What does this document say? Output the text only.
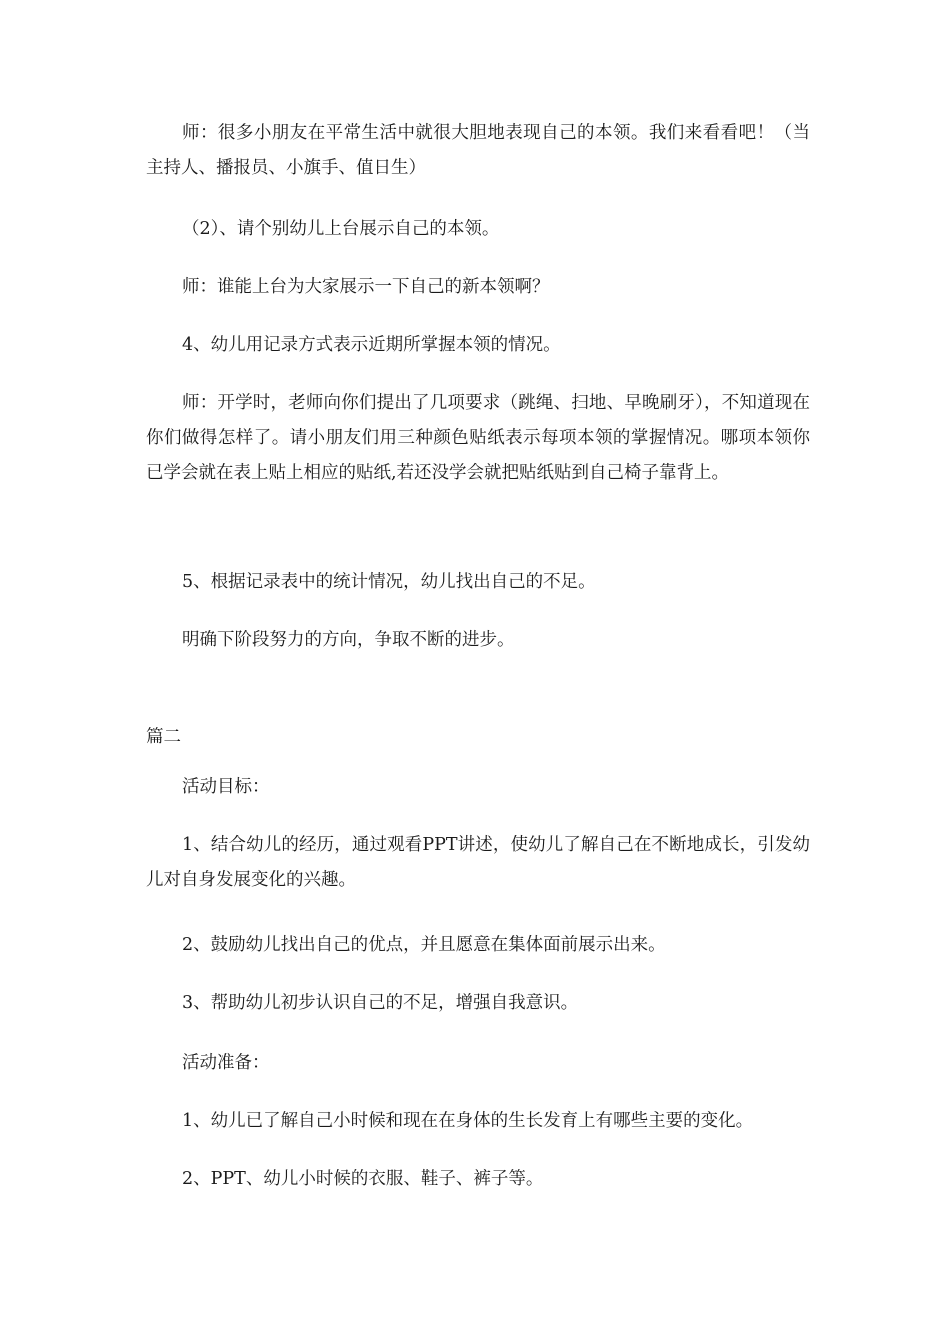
师：很多小朋友在平常生活中就很大胆地表现自己的本领。我们来看看吧！（当主持人、播报员、小旗手、值日生）

（2）、请个别幼儿上台展示自己的本领。

师：谁能上台为大家展示一下自己的新本领啊？

4、幼儿用记录方式表示近期所掌握本领的情况。

师：开学时，老师向你们提出了几项要求（跳绳、扫地、早晚刷牙），不知道现在你们做得怎样了。请小朋友们用三种颜色贴纸表示每项本领的掌握情况。哪项本领你已学会就在表上贴上相应的贴纸,若还没学会就把贴纸贴到自己椅子靠背上。

5、根据记录表中的统计情况，幼儿找出自己的不足。

明确下阶段努力的方向，争取不断的进步。

篇二

活动目标：

1、结合幼儿的经历，通过观看PPT讲述，使幼儿了解自己在不断地成长，引发幼儿对自身发展变化的兴趣。

2、鼓励幼儿找出自己的优点，并且愿意在集体面前展示出来。

3、帮助幼儿初步认识自己的不足，增强自我意识。

活动准备：

1、幼儿已了解自己小时候和现在在身体的生长发育上有哪些主要的变化。

2、PPT、幼儿小时候的衣服、鞋子、裤子等。
